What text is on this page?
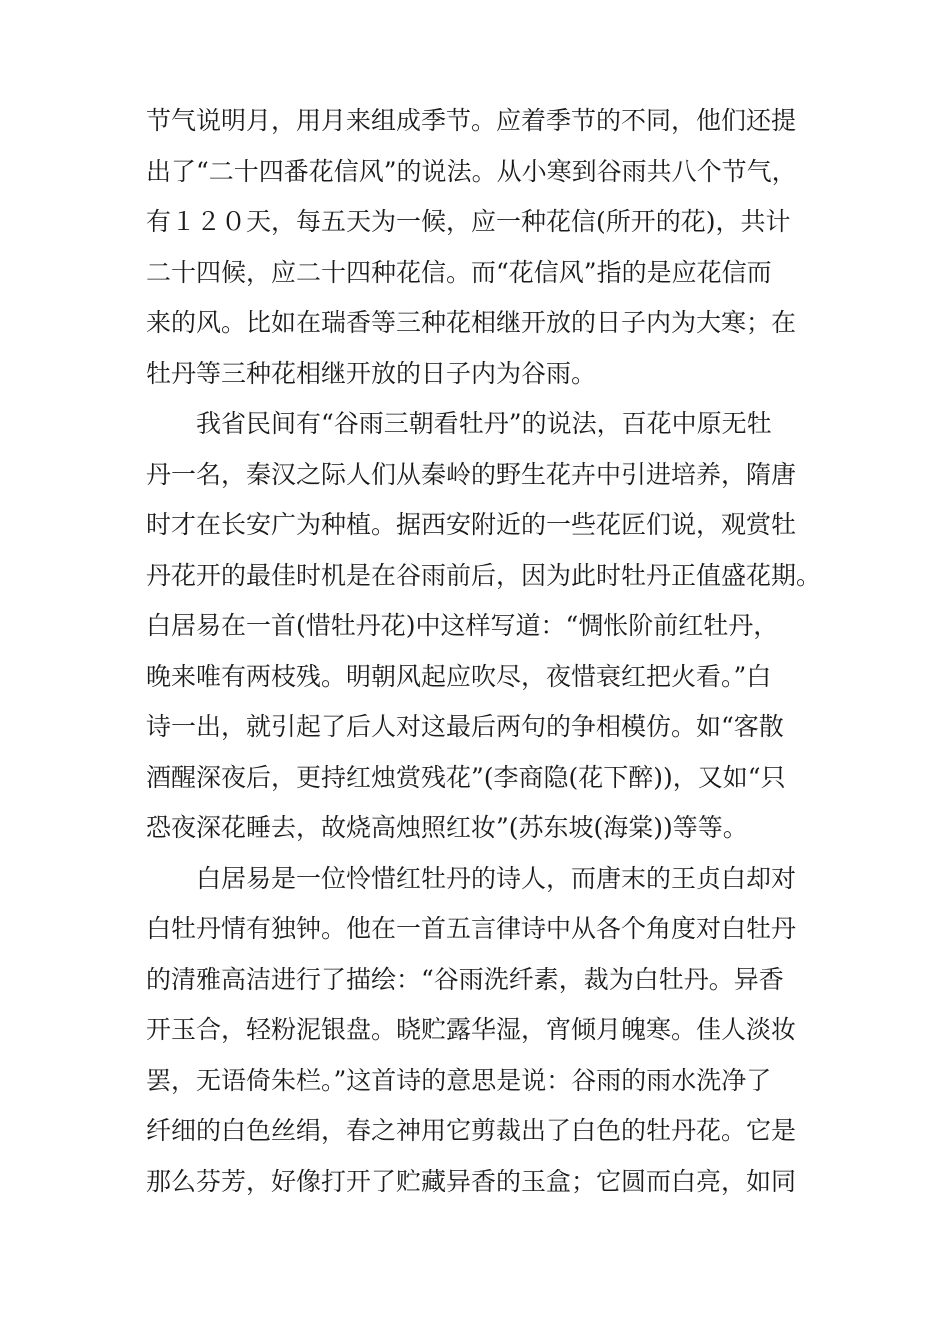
节气说明月，用月来组成季节。应着季节的不同，他们还提
出了“二十四番花信风”的说法。从小寒到谷雨共八个节气，
有１２０天，每五天为一候，应一种花信(所开的花)，共计
二十四候，应二十四种花信。而“花信风”指的是应花信而
来的风。比如在瑞香等三种花相继开放的日子内为大寒；在
牡丹等三种花相继开放的日子内为谷雨。
我省民间有“谷雨三朝看牡丹”的说法，百花中原无牡
丹一名，秦汉之际人们从秦岭的野生花卉中引进培养，隋唐
时才在长安广为种植。据西安附近的一些花匠们说，观赏牡
丹花开的最佳时机是在谷雨前后，因为此时牡丹正值盛花期。
白居易在一首(惜牡丹花)中这样写道：“惆怅阶前红牡丹，
晚来唯有两枝残。明朝风起应吹尽，夜惜衰红把火看。”白
诗一出，就引起了后人对这最后两句的争相模仿。如“客散
酒醒深夜后，更持红烛赏残花”(李商隐(花下醉))，又如“只
恐夜深花睡去，故烧高烛照红妆”(苏东坡(海棠))等等。
白居易是一位怜惜红牡丹的诗人，而唐末的王贞白却对
白牡丹情有独钟。他在一首五言律诗中从各个角度对白牡丹
的清雅高洁进行了描绘：“谷雨洗纤素，裁为白牡丹。异香
开玉合，轻粉泥银盘。晓贮露华湿，宵倾月魄寒。佳人淡妆
罢，无语倚朱栏。”这首诗的意思是说：谷雨的雨水洗净了
纤细的白色丝绢，春之神用它剪裁出了白色的牡丹花。它是
那么芬芳，好像打开了贮藏异香的玉盒；它圆而白亮，如同
